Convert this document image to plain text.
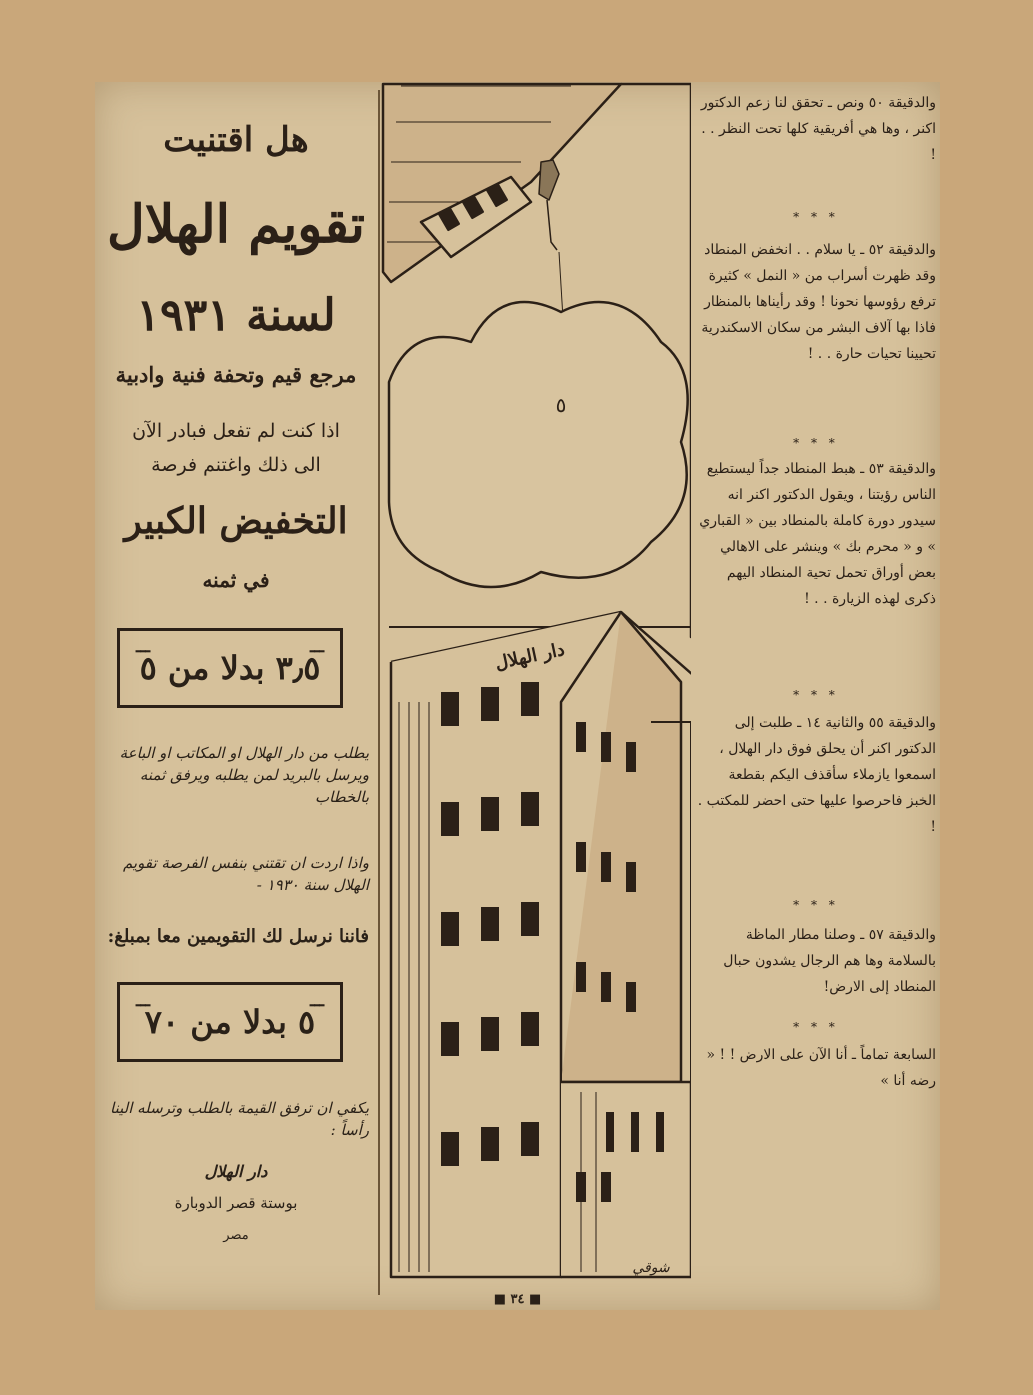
هل اقتنيت

تقويم الهلال

لسنة ١٩٣١

مرجع قيم وتحفة فنية وادبية

اذا كنت لم تفعل فبادر الآن

الى ذلك واغتنم فرصة

التخفيض الكبير

في ثمنه

ـــ
ـــ
٣٫٥ بدلا من ٥

يطلب من دار الهلال او المكاتب او الباعة ويرسل بالبريد لمن يطلبه ويرفق ثمنه بالخطاب

واذا اردت ان تقتني بنفس الفرصة تقويم الهلال سنة ١٩٣٠ -

فاننا نرسل لك التقويمين معا بمبلغ:

ـــ
ـــ
٥ بدلا من ٧٠

يكفي ان ترفق القيمة بالطلب وترسله الينا رأساً :

دار الهلال

بوستة قصر الدوبارة

مصر

دار الهلال
٥
شوقي

والدقيقة ٥٠ ونص ـ تحقق لنا زعم الدكتور اكنر ، وها هي أفريقية كلها تحت النظر . . !

* * *

والدقيقة ٥٢ ـ يا سلام . . انخفض المنطاد وقد ظهرت أسراب من « النمل » كثيرة ترفع رؤوسها نحونا ! وقد رأيناها بالمنظار فاذا بها آلاف البشر من سكان الاسكندرية تحيينا تحيات حارة . . !

* * *

والدقيقة ٥٣ ـ هبط المنطاد جداً ليستطيع الناس رؤيتنا ، ويقول الدكتور اكنر انه سيدور دورة كاملة بالمنطاد بين « القباري » و « محرم بك » وينشر على الاهالي بعض أوراق تحمل تحية المنطاد اليهم ذكرى لهذه الزيارة . . !

* * *

والدقيقة ٥٥ والثانية ١٤ ـ طلبت إلى الدكتور اكنر أن يحلق فوق دار الهلال ، اسمعوا يازملاء سأقذف اليكم بقطعة الخبز فاحرصوا عليها حتى احضر للمكتب . !

* * *

والدقيقة ٥٧ ـ وصلنا مطار الماظة بالسلامة وها هم الرجال يشدون حبال المنطاد إلى الارض!

* * *

السابعة تماماً ـ أنا الآن على الارض ! ! « رضه أنا »

■ ٣٤ ■
